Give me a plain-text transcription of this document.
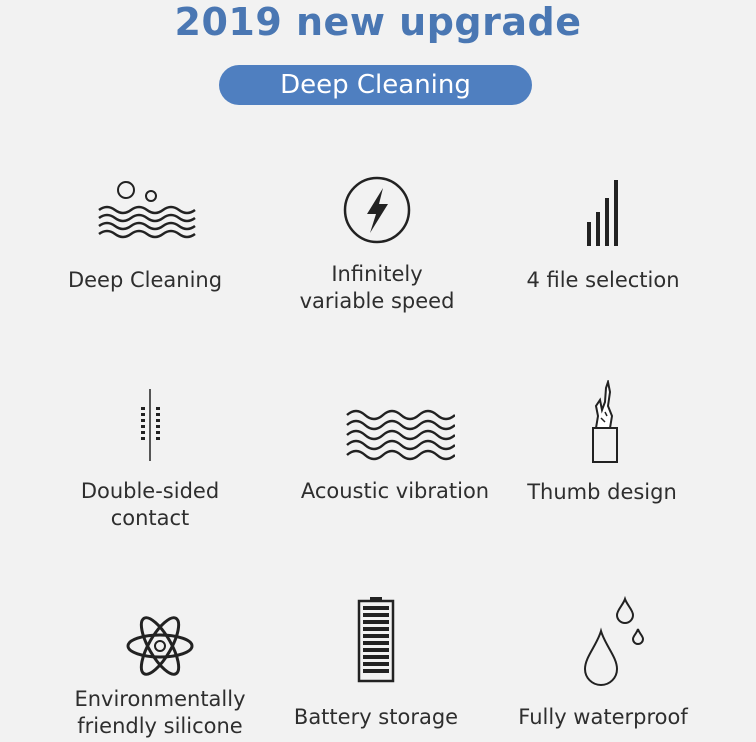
2019 new upgrade
Deep Cleaning
Deep Cleaning	Infinitely
variable speed
4 file selection
Double-sided
contact
Acoustic vibration	Thumb design
Environmentally
friendly silicone	Battery storage	Fully waterproof
